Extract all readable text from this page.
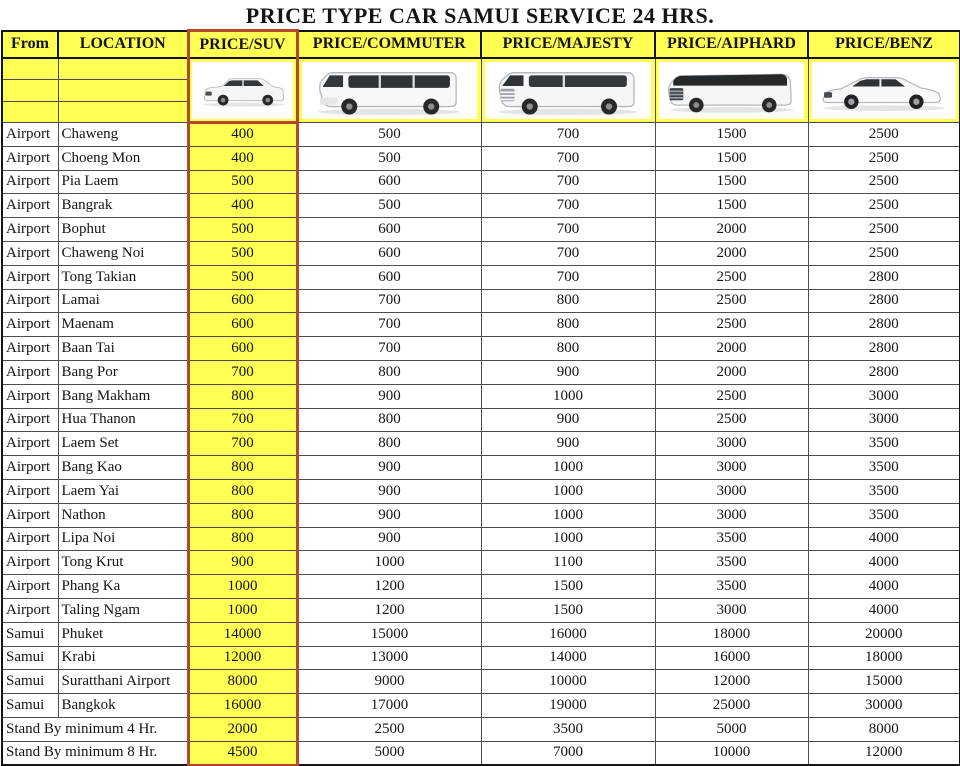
PRICE TYPE CAR SAMUI SERVICE 24 HRS.
From	LOCATION	PRICE/SUV	PRICE/COMMUTER	PRICE/MAJESTY	PRICE/AIPHARD	PRICE/BENZ

Airport	Chaweng	400	500	700	1500	2500
Airport	Choeng Mon	400	500	700	1500	2500
Airport	Pia Laem	500	600	700	1500	2500
Airport	Bangrak	400	500	700	1500	2500
Airport	Bophut	500	600	700	2000	2500
Airport	Chaweng Noi	500	600	700	2000	2500
Airport	Tong Takian	500	600	700	2500	2800
Airport	Lamai	600	700	800	2500	2800
Airport	Maenam	600	700	800	2500	2800
Airport	Baan Tai	600	700	800	2000	2800
Airport	Bang Por	700	800	900	2000	2800
Airport	Bang Makham	800	900	1000	2500	3000
Airport	Hua Thanon	700	800	900	2500	3000
Airport	Laem Set	700	800	900	3000	3500
Airport	Bang Kao	800	900	1000	3000	3500
Airport	Laem Yai	800	900	1000	3000	3500
Airport	Nathon	800	900	1000	3000	3500
Airport	Lipa Noi	800	900	1000	3500	4000
Airport	Tong Krut	900	1000	1100	3500	4000
Airport	Phang Ka	1000	1200	1500	3500	4000
Airport	Taling Ngam	1000	1200	1500	3000	4000
Samui	Phuket	14000	15000	16000	18000	20000
Samui	Krabi	12000	13000	14000	16000	18000
Samui	Suratthani Airport	8000	9000	10000	12000	15000
Samui	Bangkok	16000	17000	19000	25000	30000
Stand By minimum 4 Hr.		2000	2500	3500	5000	8000
Stand By minimum 8 Hr.		4500	5000	7000	10000	12000
